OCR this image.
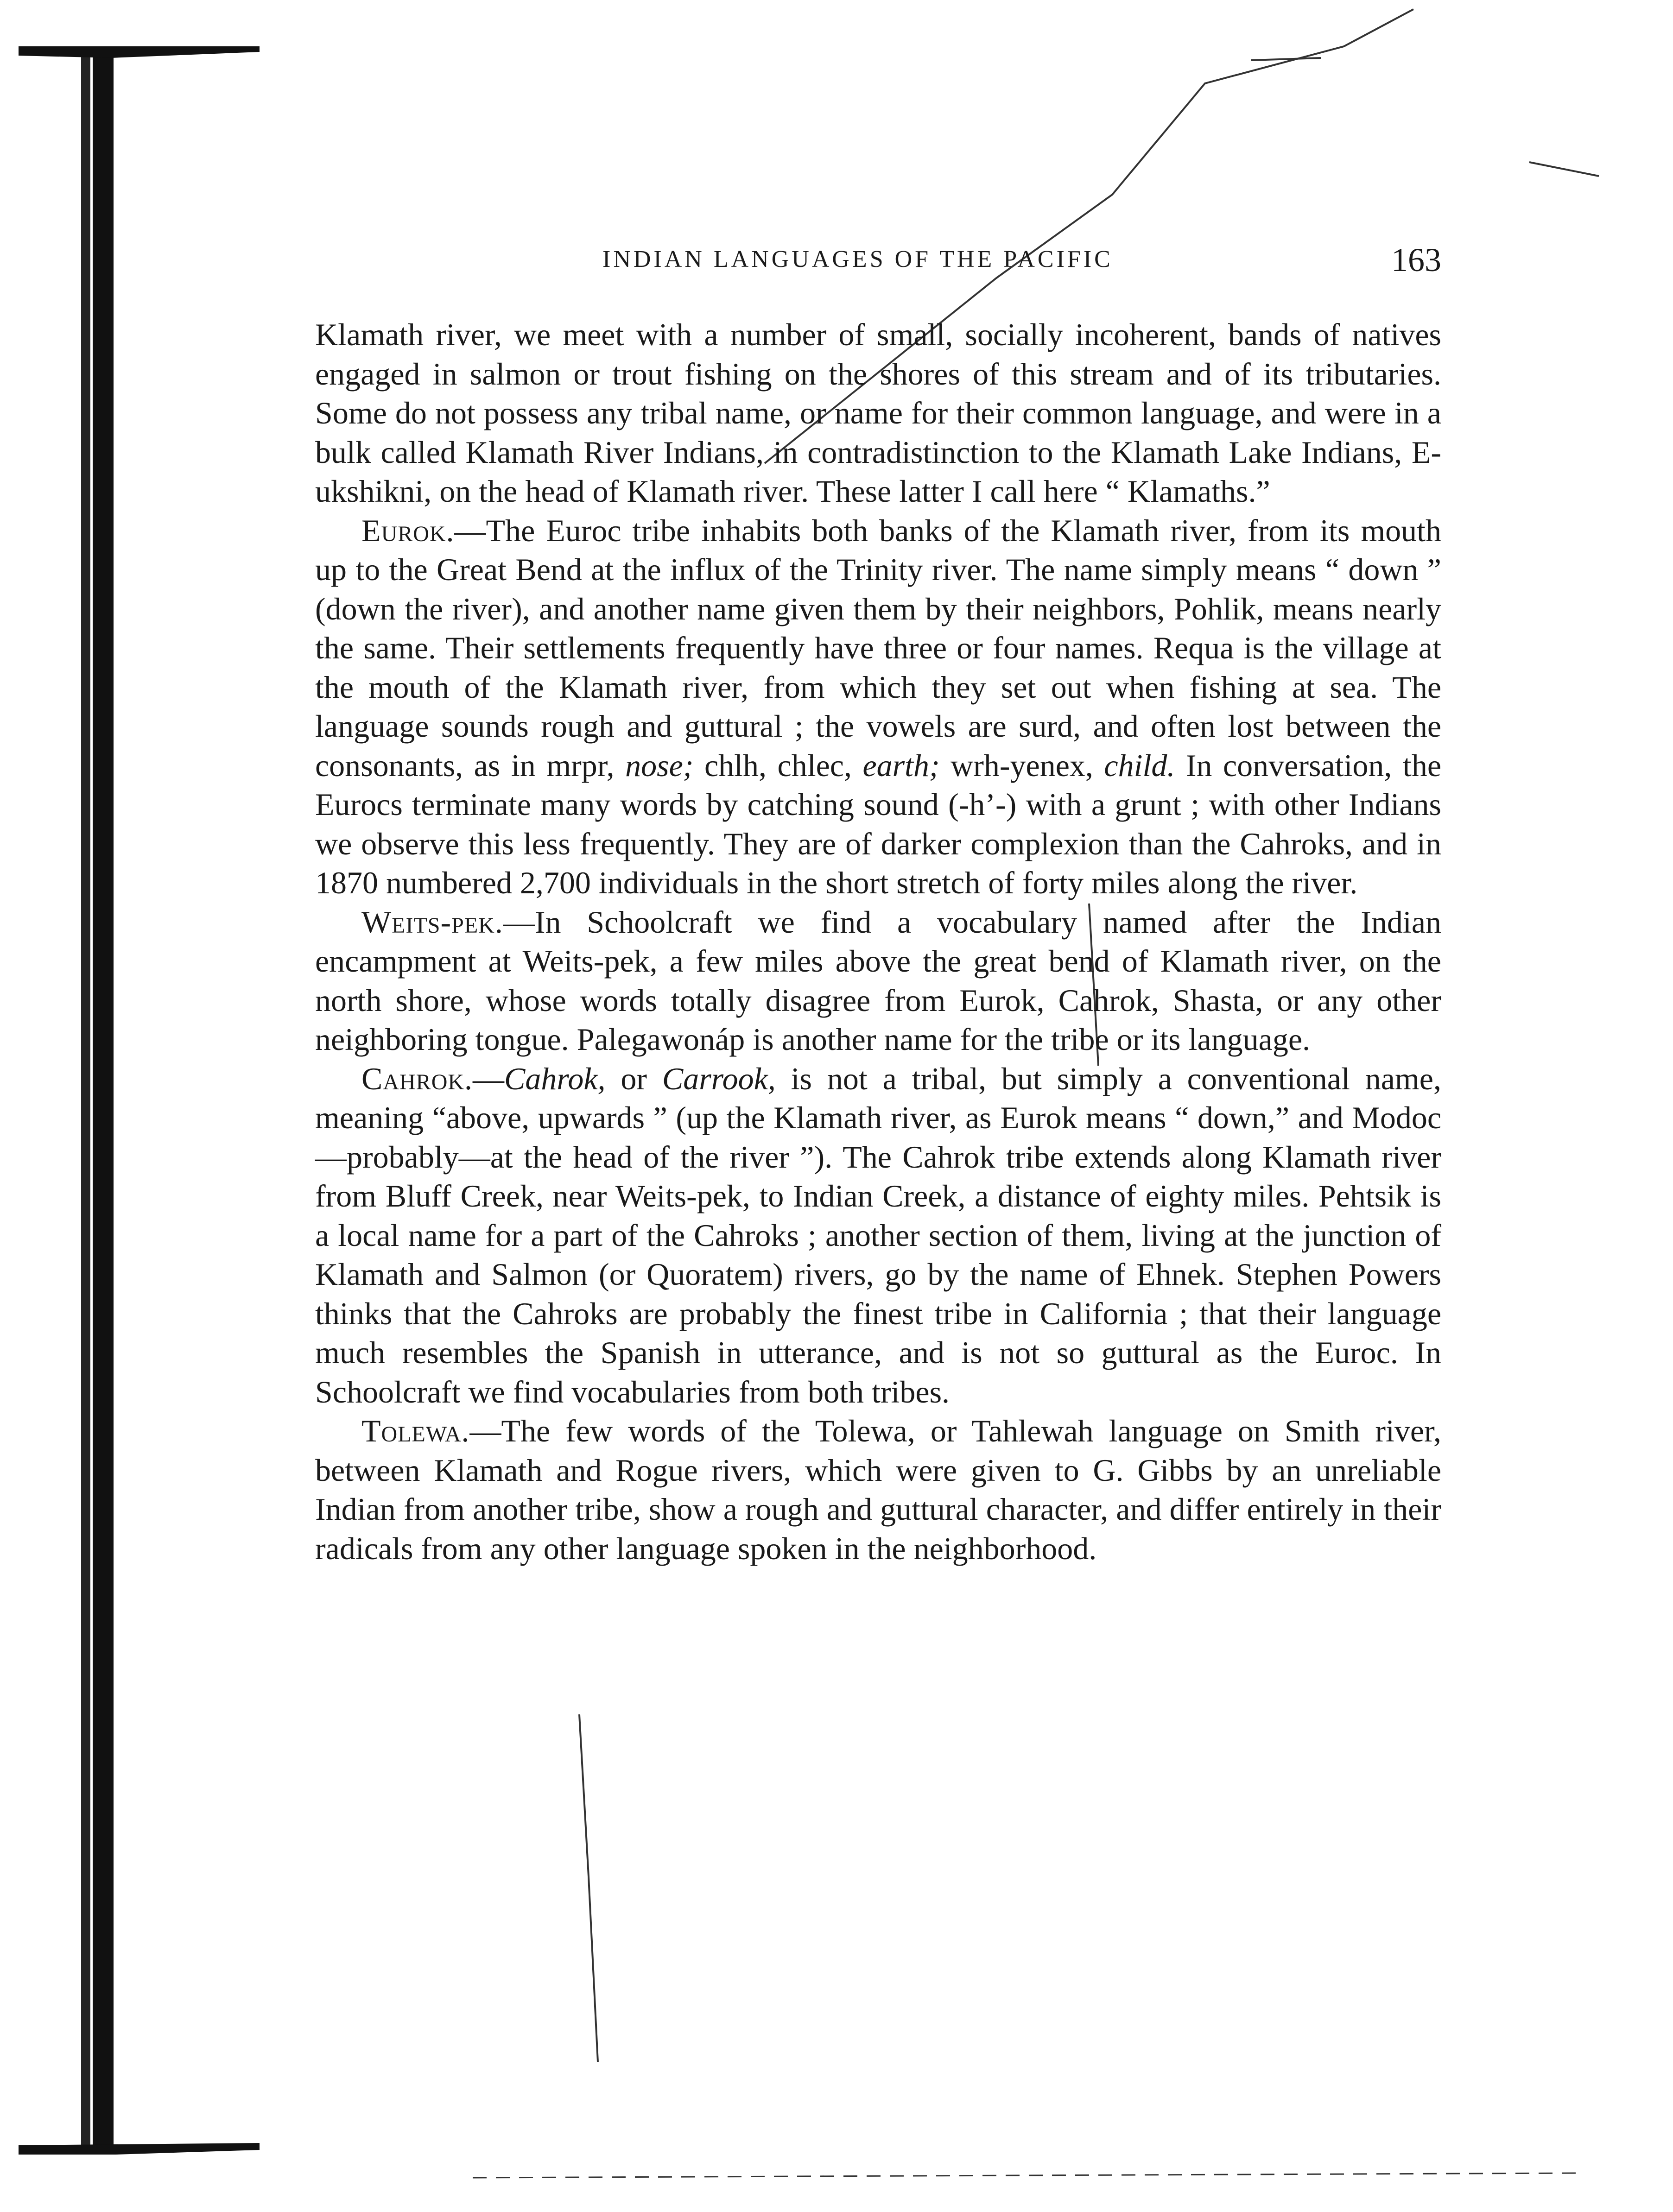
INDIAN LANGUAGES OF THE PACIFIC	163

Klamath river, we meet with a number of small, socially incoherent, bands of natives engaged in salmon or trout fishing on the shores of this stream and of its tributaries. Some do not possess any tribal name, or name for their common language, and were in a bulk called Klamath River Indians, in contradistinction to the Klamath Lake Indians, E-ukshikni, on the head of Klamath river. These latter I call here “ Klamaths.”

Eurok.—The Euroc tribe inhabits both banks of the Klamath river, from its mouth up to the Great Bend at the influx of the Trinity river. The name simply means “ down ” (down the river), and another name given them by their neighbors, Pohlik, means nearly the same. Their settlements frequently have three or four names. Requa is the village at the mouth of the Klamath river, from which they set out when fishing at sea. The language sounds rough and guttural ; the vowels are surd, and often lost between the consonants, as in mrpr, nose; chlh, chlec, earth; wrh-yenex, child. In conversation, the Eurocs terminate many words by catching sound (-h’-) with a grunt ; with other Indians we observe this less frequently. They are of darker complexion than the Cahroks, and in 1870 numbered 2,700 individuals in the short stretch of forty miles along the river.

Weits-pek.—In Schoolcraft we find a vocabulary named after the Indian encampment at Weits-pek, a few miles above the great bend of Klamath river, on the north shore, whose words totally disagree from Eurok, Cahrok, Shasta, or any other neighboring tongue. Palegawonáp is another name for the tribe or its language.

Cahrok.—Cahrok, or Carrook, is not a tribal, but simply a conventional name, meaning “above, upwards ” (up the Klamath river, as Eurok means “ down,” and Modoc—probably—at the head of the river ”). The Cahrok tribe extends along Klamath river from Bluff Creek, near Weits-pek, to Indian Creek, a distance of eighty miles. Pehtsik is a local name for a part of the Cahroks ; another section of them, living at the junction of Klamath and Salmon (or Quoratem) rivers, go by the name of Ehnek. Stephen Powers thinks that the Cahroks are probably the finest tribe in California ; that their language much resembles the Spanish in utterance, and is not so guttural as the Euroc. In Schoolcraft we find vocabularies from both tribes.

Tolewa.—The few words of the Tolewa, or Tahlewah language on Smith river, between Klamath and Rogue rivers, which were given to G. Gibbs by an unreliable Indian from another tribe, show a rough and guttural character, and differ entirely in their radicals from any other language spoken in the neighborhood.
